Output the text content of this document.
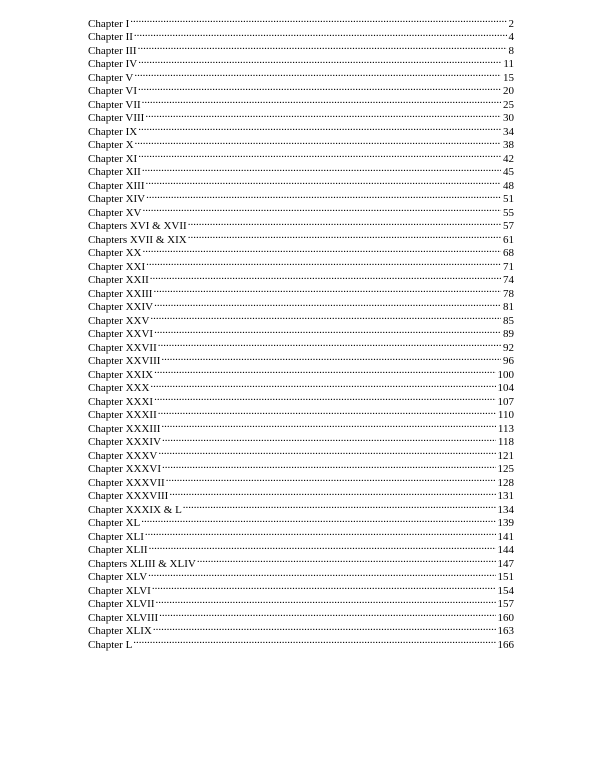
Chapter I .....	2
Chapter II .....	4
Chapter III .....	8
Chapter IV .....	11
Chapter V .....	15
Chapter VI .....	20
Chapter VII .....	25
Chapter VIII .....	30
Chapter IX .....	34
Chapter X .....	38
Chapter XI .....	42
Chapter XII .....	45
Chapter XIII .....	48
Chapter XIV .....	51
Chapter XV .....	55
Chapters XVI & XVII .....	57
Chapters XVII & XIX .....	61
Chapter XX .....	68
Chapter XXI .....	71
Chapter XXII .....	74
Chapter XXIII .....	78
Chapter XXIV .....	81
Chapter XXV .....	85
Chapter XXVI .....	89
Chapter XXVII .....	92
Chapter XXVIII .....	96
Chapter XXIX .....	100
Chapter XXX .....	104
Chapter XXXI .....	107
Chapter XXXII .....	110
Chapter XXXIII .....	113
Chapter XXXIV .....	118
Chapter XXXV .....	121
Chapter XXXVI .....	125
Chapter XXXVII .....	128
Chapter XXXVIII .....	131
Chapter XXXIX & L .....	134
Chapter XL .....	139
Chapter XLI .....	141
Chapter XLII .....	144
Chapters XLIII & XLIV .....	147
Chapter XLV .....	151
Chapter XLVI .....	154
Chapter XLVII .....	157
Chapter XLVIII .....	160
Chapter XLIX .....	163
Chapter L .....	166
